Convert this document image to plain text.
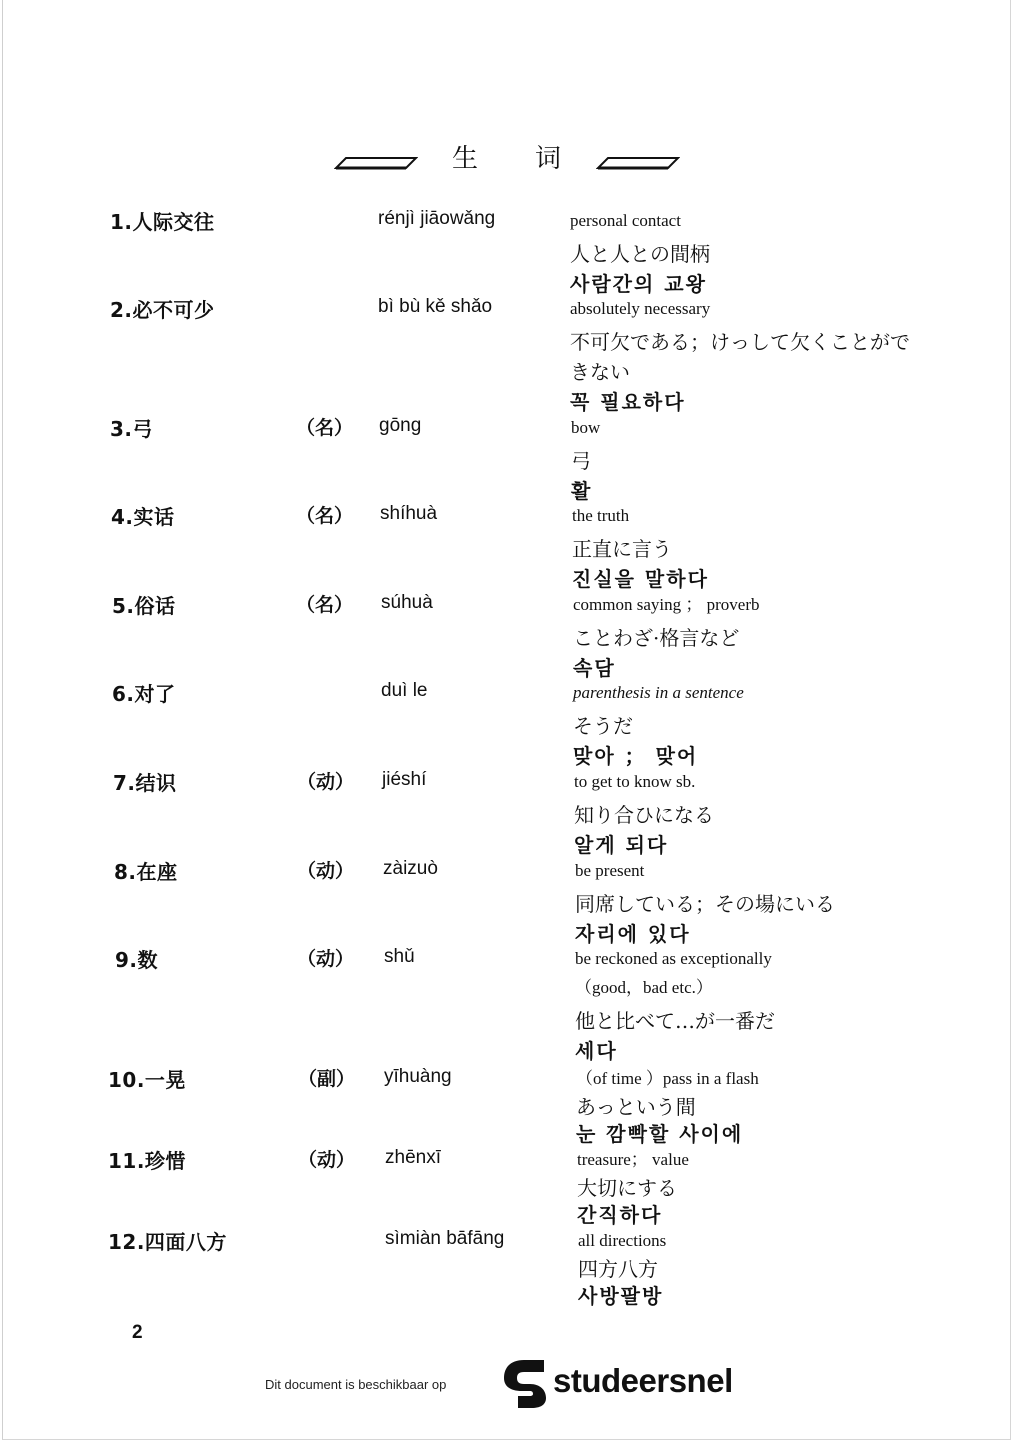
生 词
1.人际交往	rénjì jiāowǎng	personal contact
人と人との間柄
사람간의 교왕
2.必不可少	bì bù kě shǎo	absolutely necessary
不可欠である；けっして欠くことができない
꼭 필요하다
3.弓	（名） gōng	bow
弓
활
4.实话	（名） shíhuà	the truth
正直に言う
진실을 말하다
5.俗话	（名） súhuà	common saying ； proverb
ことわざ·格言など
속담
6.对了	duì le	parenthesis in a sentence
そうだ
맞아 ； 맞어
7.结识	（动） jiéshí	to get to know sb.
知り合ひになる
알게 되다
8.在座	（动） zàizuò	be present
同席している；その場にいる
자리에 있다
9.数	（动） shǔ	be reckoned as exceptionally
（good，bad etc.）
他と比べて…が一番だ
세다
10.一晃	（副） yīhuàng	（of time ）pass in a flash
あっという間
눈 깜빡할 사이에
11.珍惜	（动） zhēnxī	treasure； value
大切にする
간직하다
12.四面八方	sìmiàn bāfāng	all directions
四方八方
사방팔방
2
Dit document is beschikbaar op	studeersnel
